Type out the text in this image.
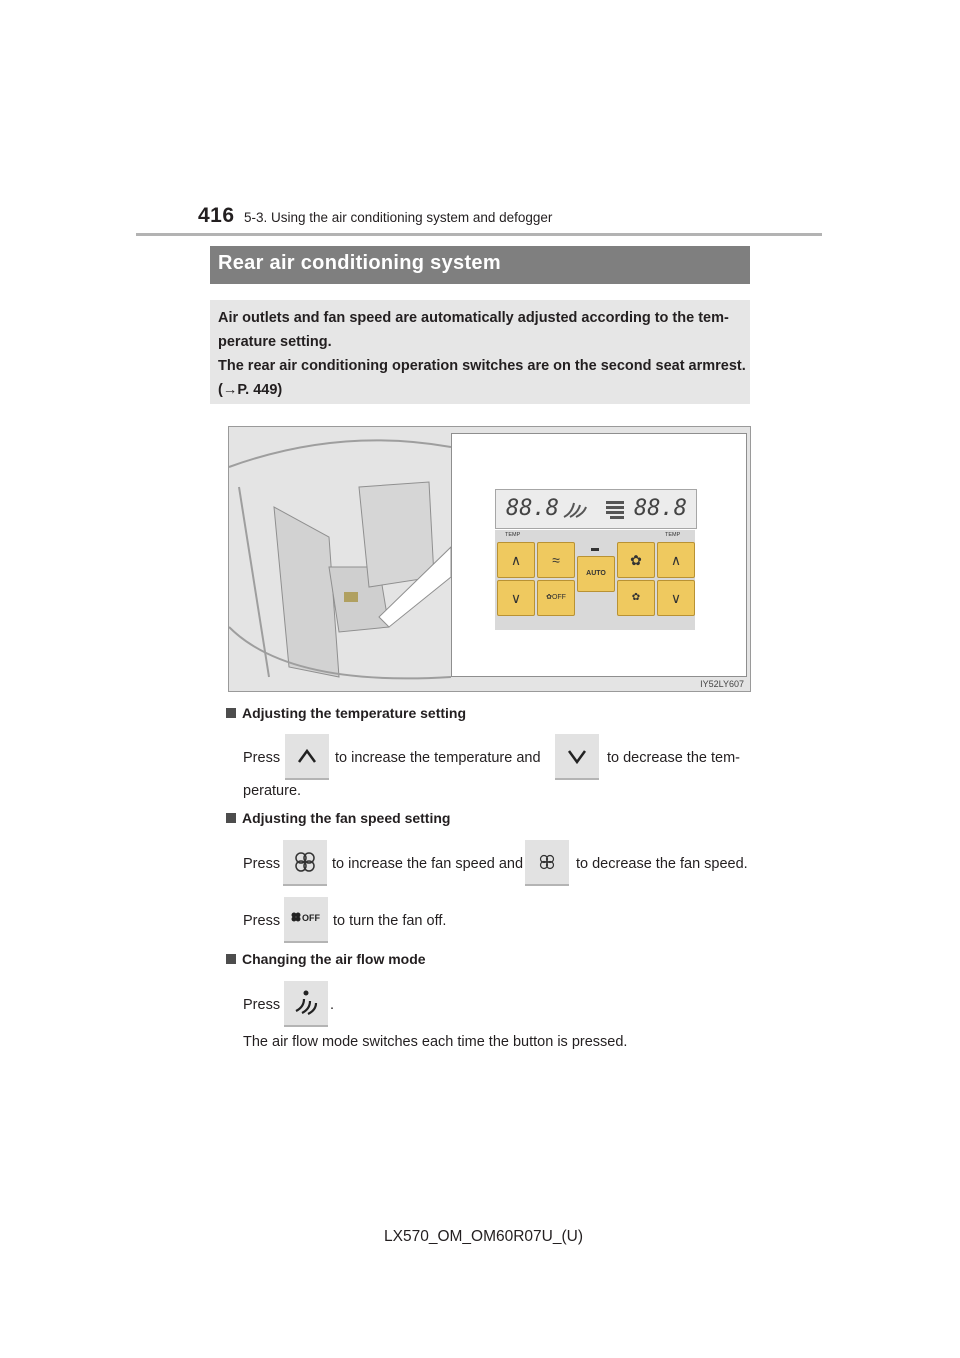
416 5-3. Using the air conditioning system and defogger
Rear air conditioning system

Air outlets and fan speed are automatically adjusted according to the tem-perature setting.

The rear air conditioning operation switches are on the second seat armrest. (→P. 449)

88.8	88.8
TEMP	TEMP
∧
∨
≈
✿OFF
AUTO
✿
✿
∧
∨
IY52LY607
Adjusting the temperature setting
Press	to increase the temperature and	to decrease the tem-
perature.
Adjusting the fan speed setting
Press	to increase the fan speed and	to decrease the fan speed.
Press OFF to turn the fan off.
Changing the air flow mode
Press	.
The air flow mode switches each time the button is pressed.
LX570_OM_OM60R07U_(U)
